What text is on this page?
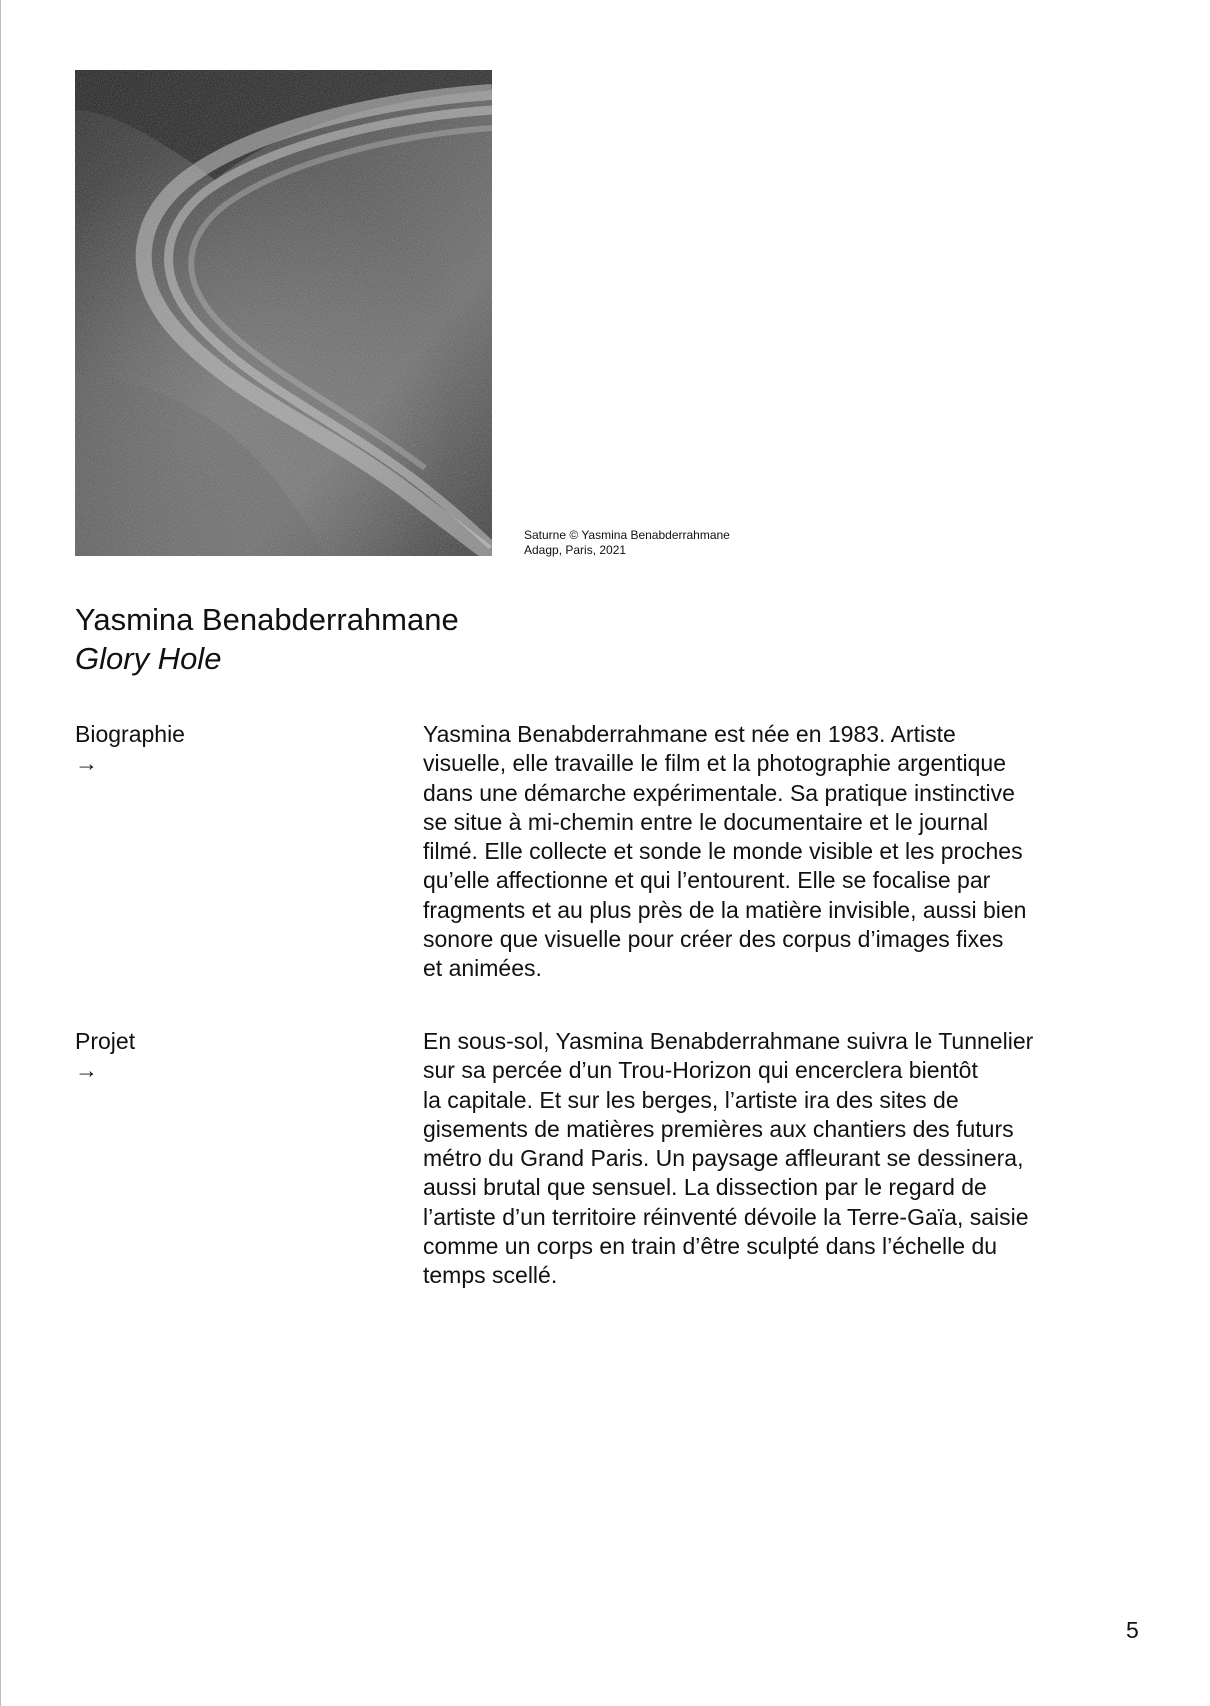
Saturne © Yasmina Benabderrahmane
Adagp, Paris, 2021
Yasmina Benabderrahmane
Glory Hole
Biographie
→
Yasmina Benabderrahmane est née en 1983. Artiste
visuelle, elle travaille le film et la photographie argentique
dans une démarche expérimentale. Sa pratique instinctive
se situe à mi-chemin entre le documentaire et le journal
filmé. Elle collecte et sonde le monde visible et les proches
qu’elle affectionne et qui l’entourent. Elle se focalise par
fragments et au plus près de la matière invisible, aussi bien
sonore que visuelle pour créer des corpus d’images fixes
et animées.
Projet
→
En sous-sol, Yasmina Benabderrahmane suivra le Tunnelier
sur sa percée d’un Trou-Horizon qui encerclera bientôt
la capitale. Et sur les berges, l’artiste ira des sites de
gisements de matières premières aux chantiers des futurs
métro du Grand Paris. Un paysage affleurant se dessinera,
aussi brutal que sensuel. La dissection par le regard de
l’artiste d’un territoire réinventé dévoile la Terre-Gaïa, saisie
comme un corps en train d’être sculpté dans l’échelle du
temps scellé.
5
